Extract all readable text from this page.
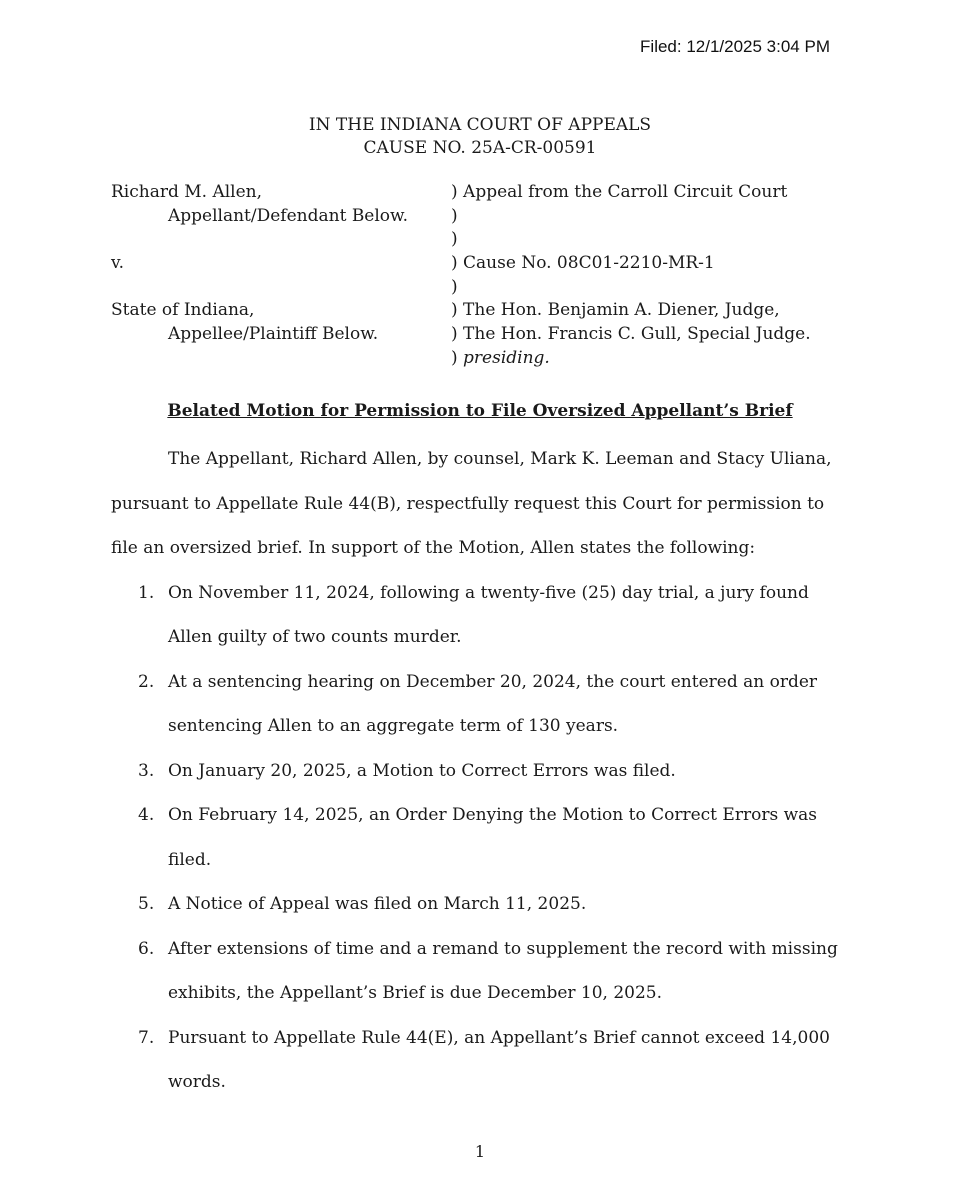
Filed: 12/1/2025 3:04 PM
IN THE INDIANA COURT OF APPEALS
CAUSE NO. 25A-CR-00591
Richard M. Allen,	) Appeal from the Carroll Circuit Court
Appellant/Defendant Below.	)
)
v.	) Cause No. 08C01-2210-MR-1
)
State of Indiana,	) The Hon. Benjamin A. Diener, Judge,
Appellee/Plaintiff Below.	) The Hon. Francis C. Gull, Special Judge.
) presiding.
Belated Motion for Permission to File Oversized Appellant’s Brief

The Appellant, Richard Allen, by counsel, Mark K. Leeman and Stacy Uliana, pursuant to Appellate Rule 44(B), respectfully request this Court for permission to file an oversized brief. In support of the Motion, Allen states the following:

1. On November 11, 2024, following a twenty-five (25) day trial, a jury found Allen guilty of two counts murder.
2. At a sentencing hearing on December 20, 2024, the court entered an order sentencing Allen to an aggregate term of 130 years.
3. On January 20, 2025, a Motion to Correct Errors was filed.
4. On February 14, 2025, an Order Denying the Motion to Correct Errors was filed.
5. A Notice of Appeal was filed on March 11, 2025.
6. After extensions of time and a remand to supplement the record with missing exhibits, the Appellant’s Brief is due December 10, 2025.
7. Pursuant to Appellate Rule 44(E), an Appellant’s Brief cannot exceed 14,000 words.
1
